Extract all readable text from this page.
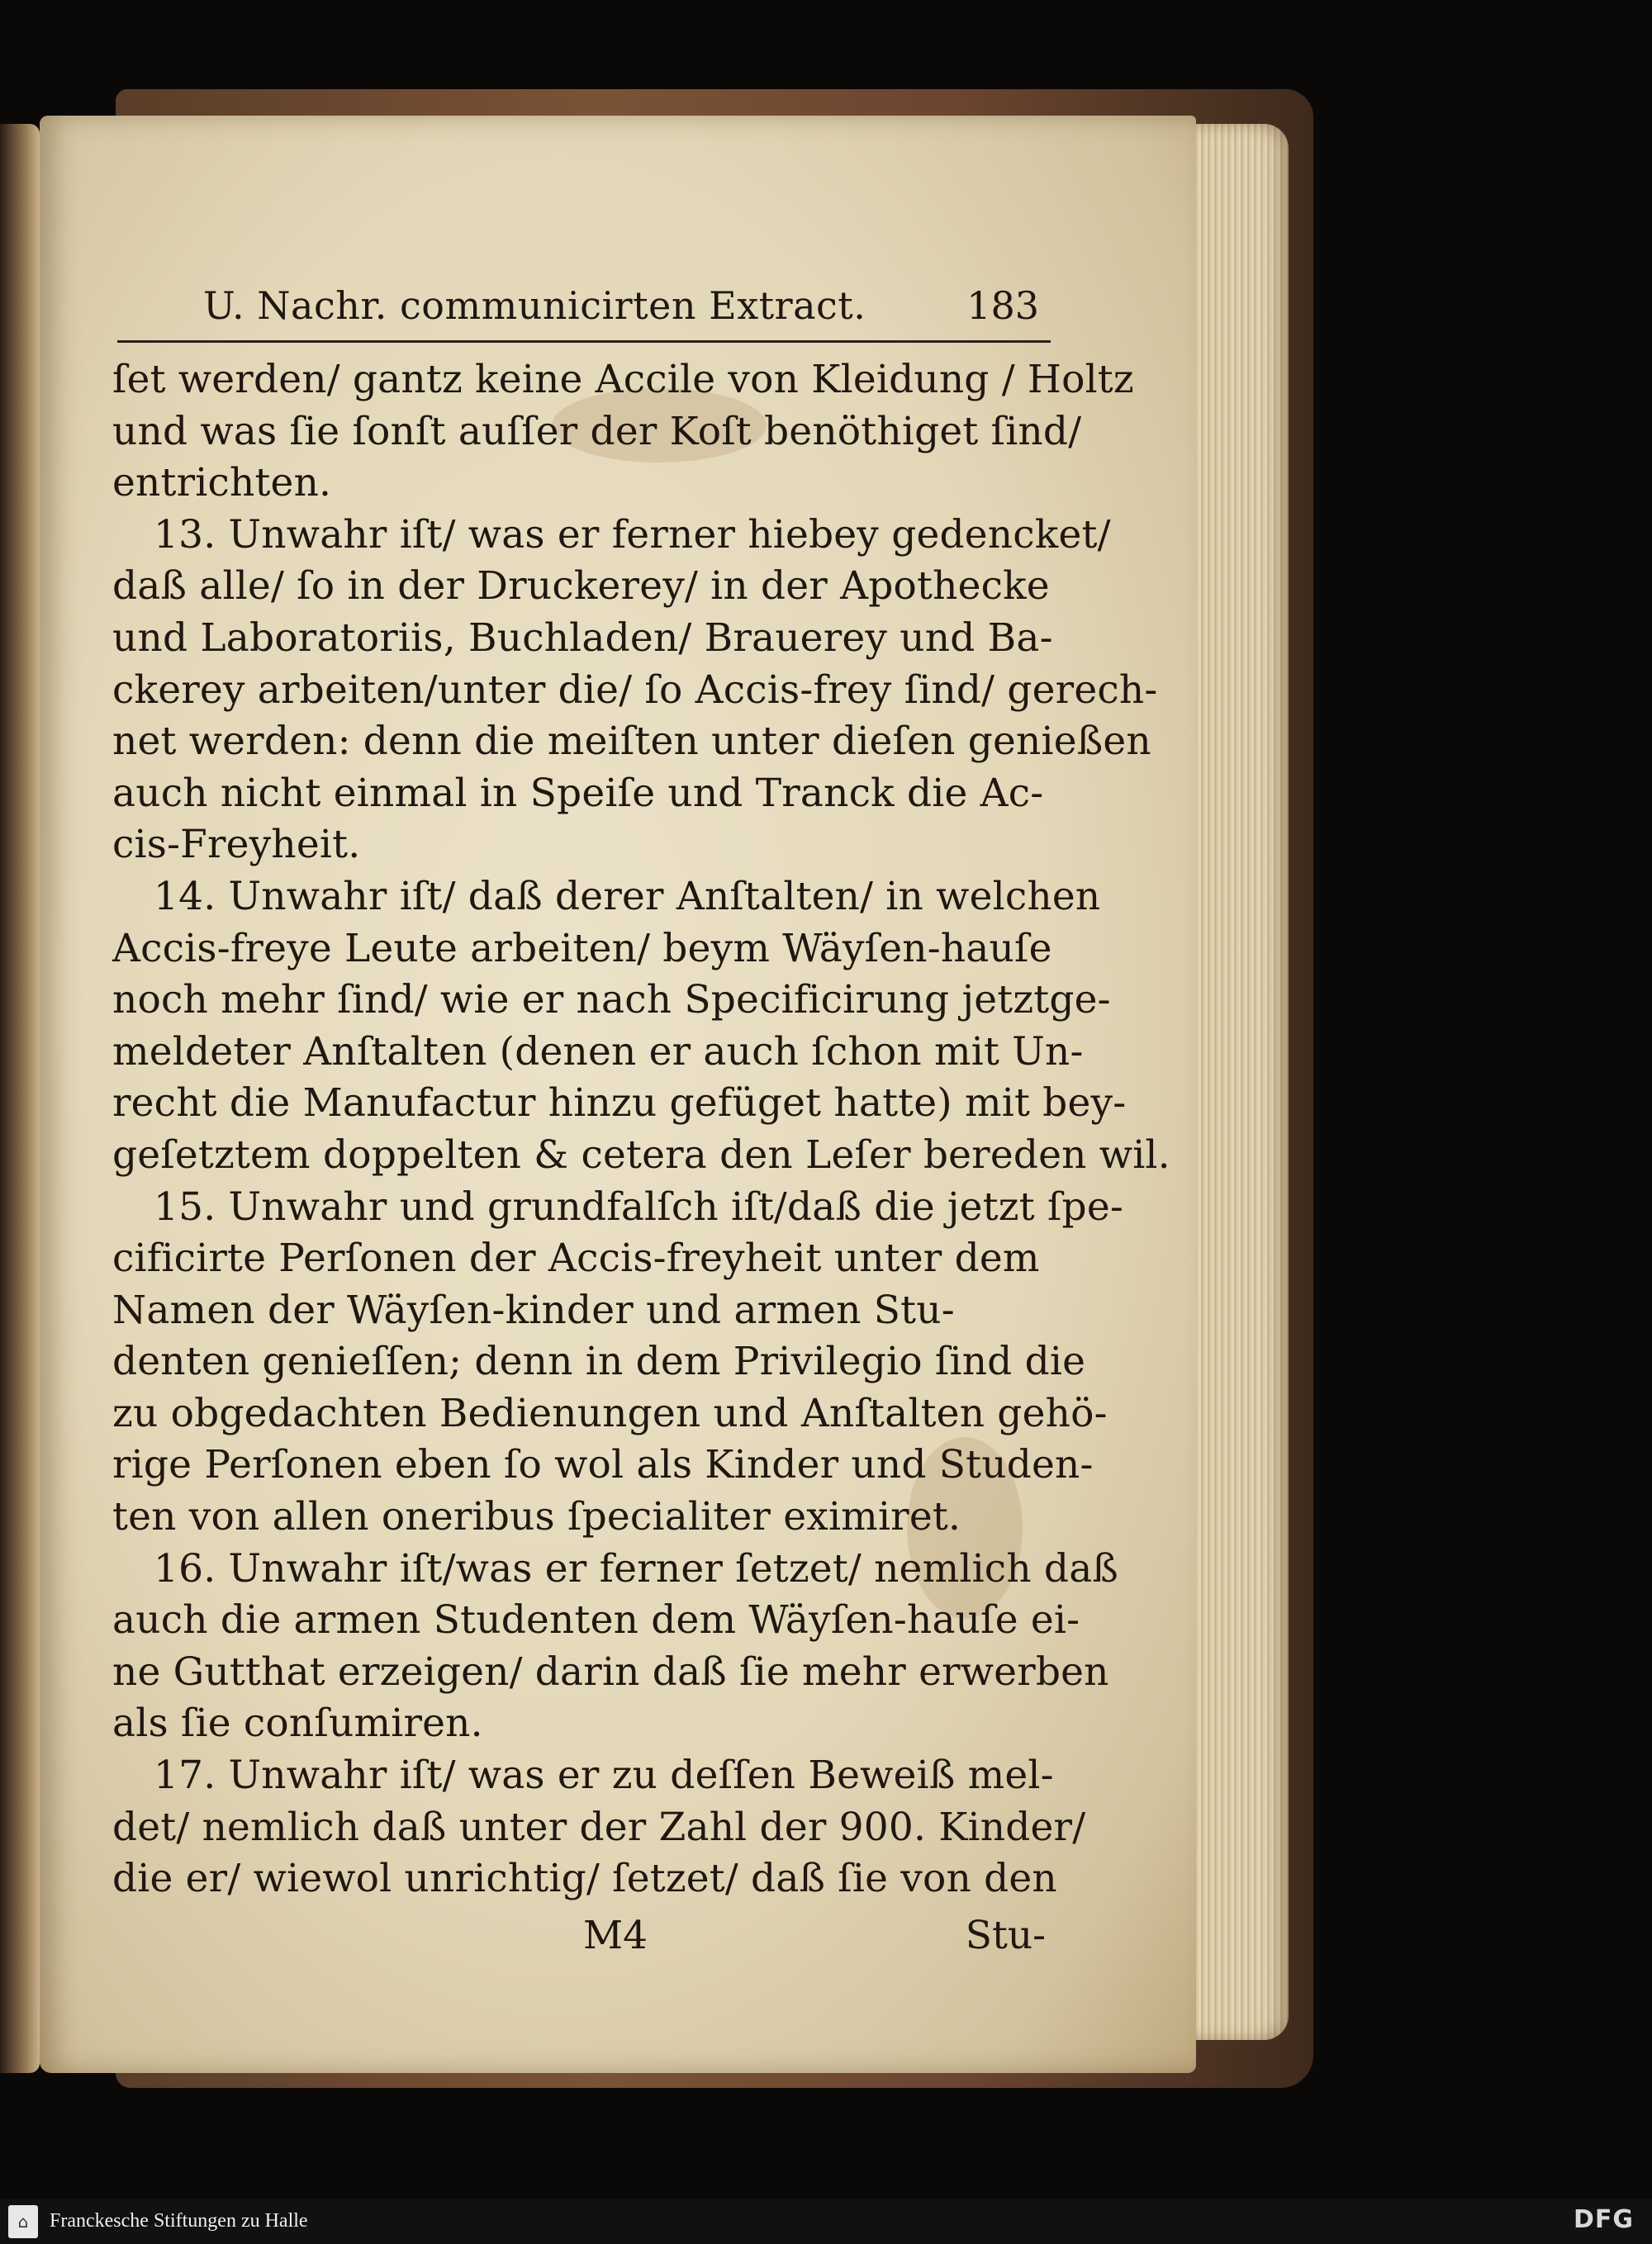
U. Nachr. communicirten Extract.	183
ſet werden/ gantz keine Accile von Kleidung / Holtz
und was ſie ſonſt auſſer der Koſt benöthiget ſind/
entrichten.
13. Unwahr iſt/ was er ferner hiebey gedencket/
daß alle/ ſo in der Druckerey/ in der Apothecke
und Laboratoriis, Buchladen/ Brauerey und Ba-
ckerey arbeiten/unter die/ ſo Accis-frey ſind/ gerech-
net werden: denn die meiſten unter dieſen genießen
auch nicht einmal in Speiſe und Tranck die Ac-
cis-Freyheit.
14. Unwahr iſt/ daß derer Anſtalten/ in welchen
Accis-freye Leute arbeiten/ beym Wäyſen-hauſe
noch mehr ſind/ wie er nach Specificirung jetztge-
meldeter Anſtalten (denen er auch ſchon mit Un-
recht die Manufactur hinzu gefüget hatte) mit bey-
geſetztem doppelten & cetera den Leſer bereden wil.
15. Unwahr und grundfalſch iſt/daß die jetzt ſpe-
cificirte Perſonen der Accis-freyheit unter dem
Namen der Wäyſen-kinder und armen Stu-
denten genieſſen; denn in dem Privilegio ſind die
zu obgedachten Bedienungen und Anſtalten gehö-
rige Perſonen eben ſo wol als Kinder und Studen-
ten von allen oneribus ſpecialiter eximiret.
16. Unwahr iſt/was er ferner ſetzet/ nemlich daß
auch die armen Studenten dem Wäyſen-hauſe ei-
ne Gutthat erzeigen/ darin daß ſie mehr erwerben
als ſie conſumiren.
17. Unwahr iſt/ was er zu deſſen Beweiß mel-
det/ nemlich daß unter der Zahl der 900. Kinder/
die er/ wiewol unrichtig/ ſetzet/ daß ſie von den
M4	Stu-
⌂	Franckesche Stiftungen zu Halle	DFG
